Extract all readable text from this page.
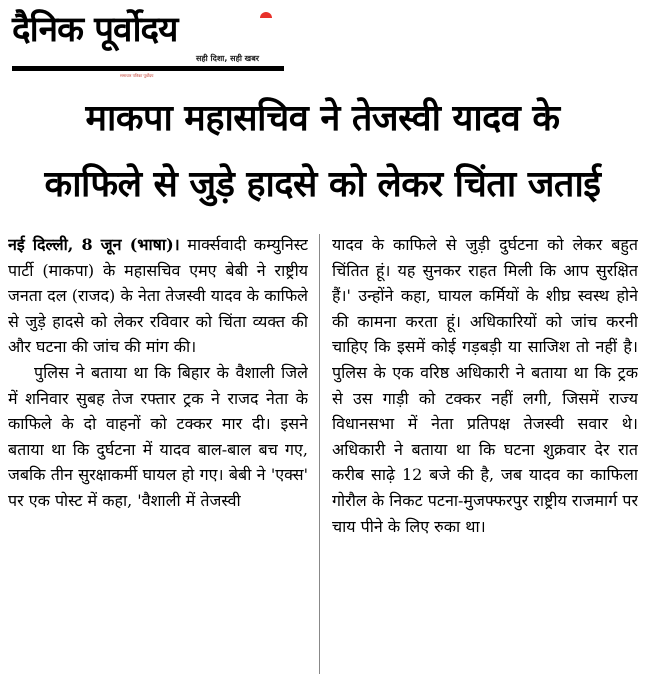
दैनिक पूर्वोदय
सही दिशा, सही खबर
समाचार पत्रिका पूर्वोदय
माकपा महासचिव ने तेजस्वी यादव के
काफिले से जुड़े हादसे को लेकर चिंता जताई

नई दिल्ली, 8 जून (भाषा)। मार्क्सवादी कम्युनिस्ट पार्टी (माकपा) के महासचिव एमए बेबी ने राष्ट्रीय जनता दल (राजद) के नेता तेजस्वी यादव के काफिले से जुड़े हादसे को लेकर रविवार को चिंता व्यक्त की और घटना की जांच की मांग की।

पुलिस ने बताया था कि बिहार के वैशाली जिले में शनिवार सुबह तेज रफ्तार ट्रक ने राजद नेता के काफिले के दो वाहनों को टक्कर मार दी। इसने बताया था कि दुर्घटना में यादव बाल-बाल बच गए, जबकि तीन सुरक्षाकर्मी घायल हो गए। बेबी ने 'एक्स' पर एक पोस्ट में कहा, 'वैशाली में तेजस्वी

यादव के काफिले से जुड़ी दुर्घटना को लेकर बहुत चिंतित हूं। यह सुनकर राहत मिली कि आप सुरक्षित हैं।' उन्होंने कहा, घायल कर्मियों के शीघ्र स्वस्थ होने की कामना करता हूं। अधिकारियों को जांच करनी चाहिए कि इसमें कोई गड़बड़ी या साजिश तो नहीं है। पुलिस के एक वरिष्ठ अधिकारी ने बताया था कि ट्रक से उस गाड़ी को टक्कर नहीं लगी, जिसमें राज्य विधानसभा में नेता प्रतिपक्ष तेजस्वी सवार थे। अधिकारी ने बताया था कि घटना शुक्रवार देर रात करीब साढ़े 12 बजे की है, जब यादव का काफिला गोरौल के निकट पटना-मुजफ्फरपुर राष्ट्रीय राजमार्ग पर चाय पीने के लिए रुका था।
